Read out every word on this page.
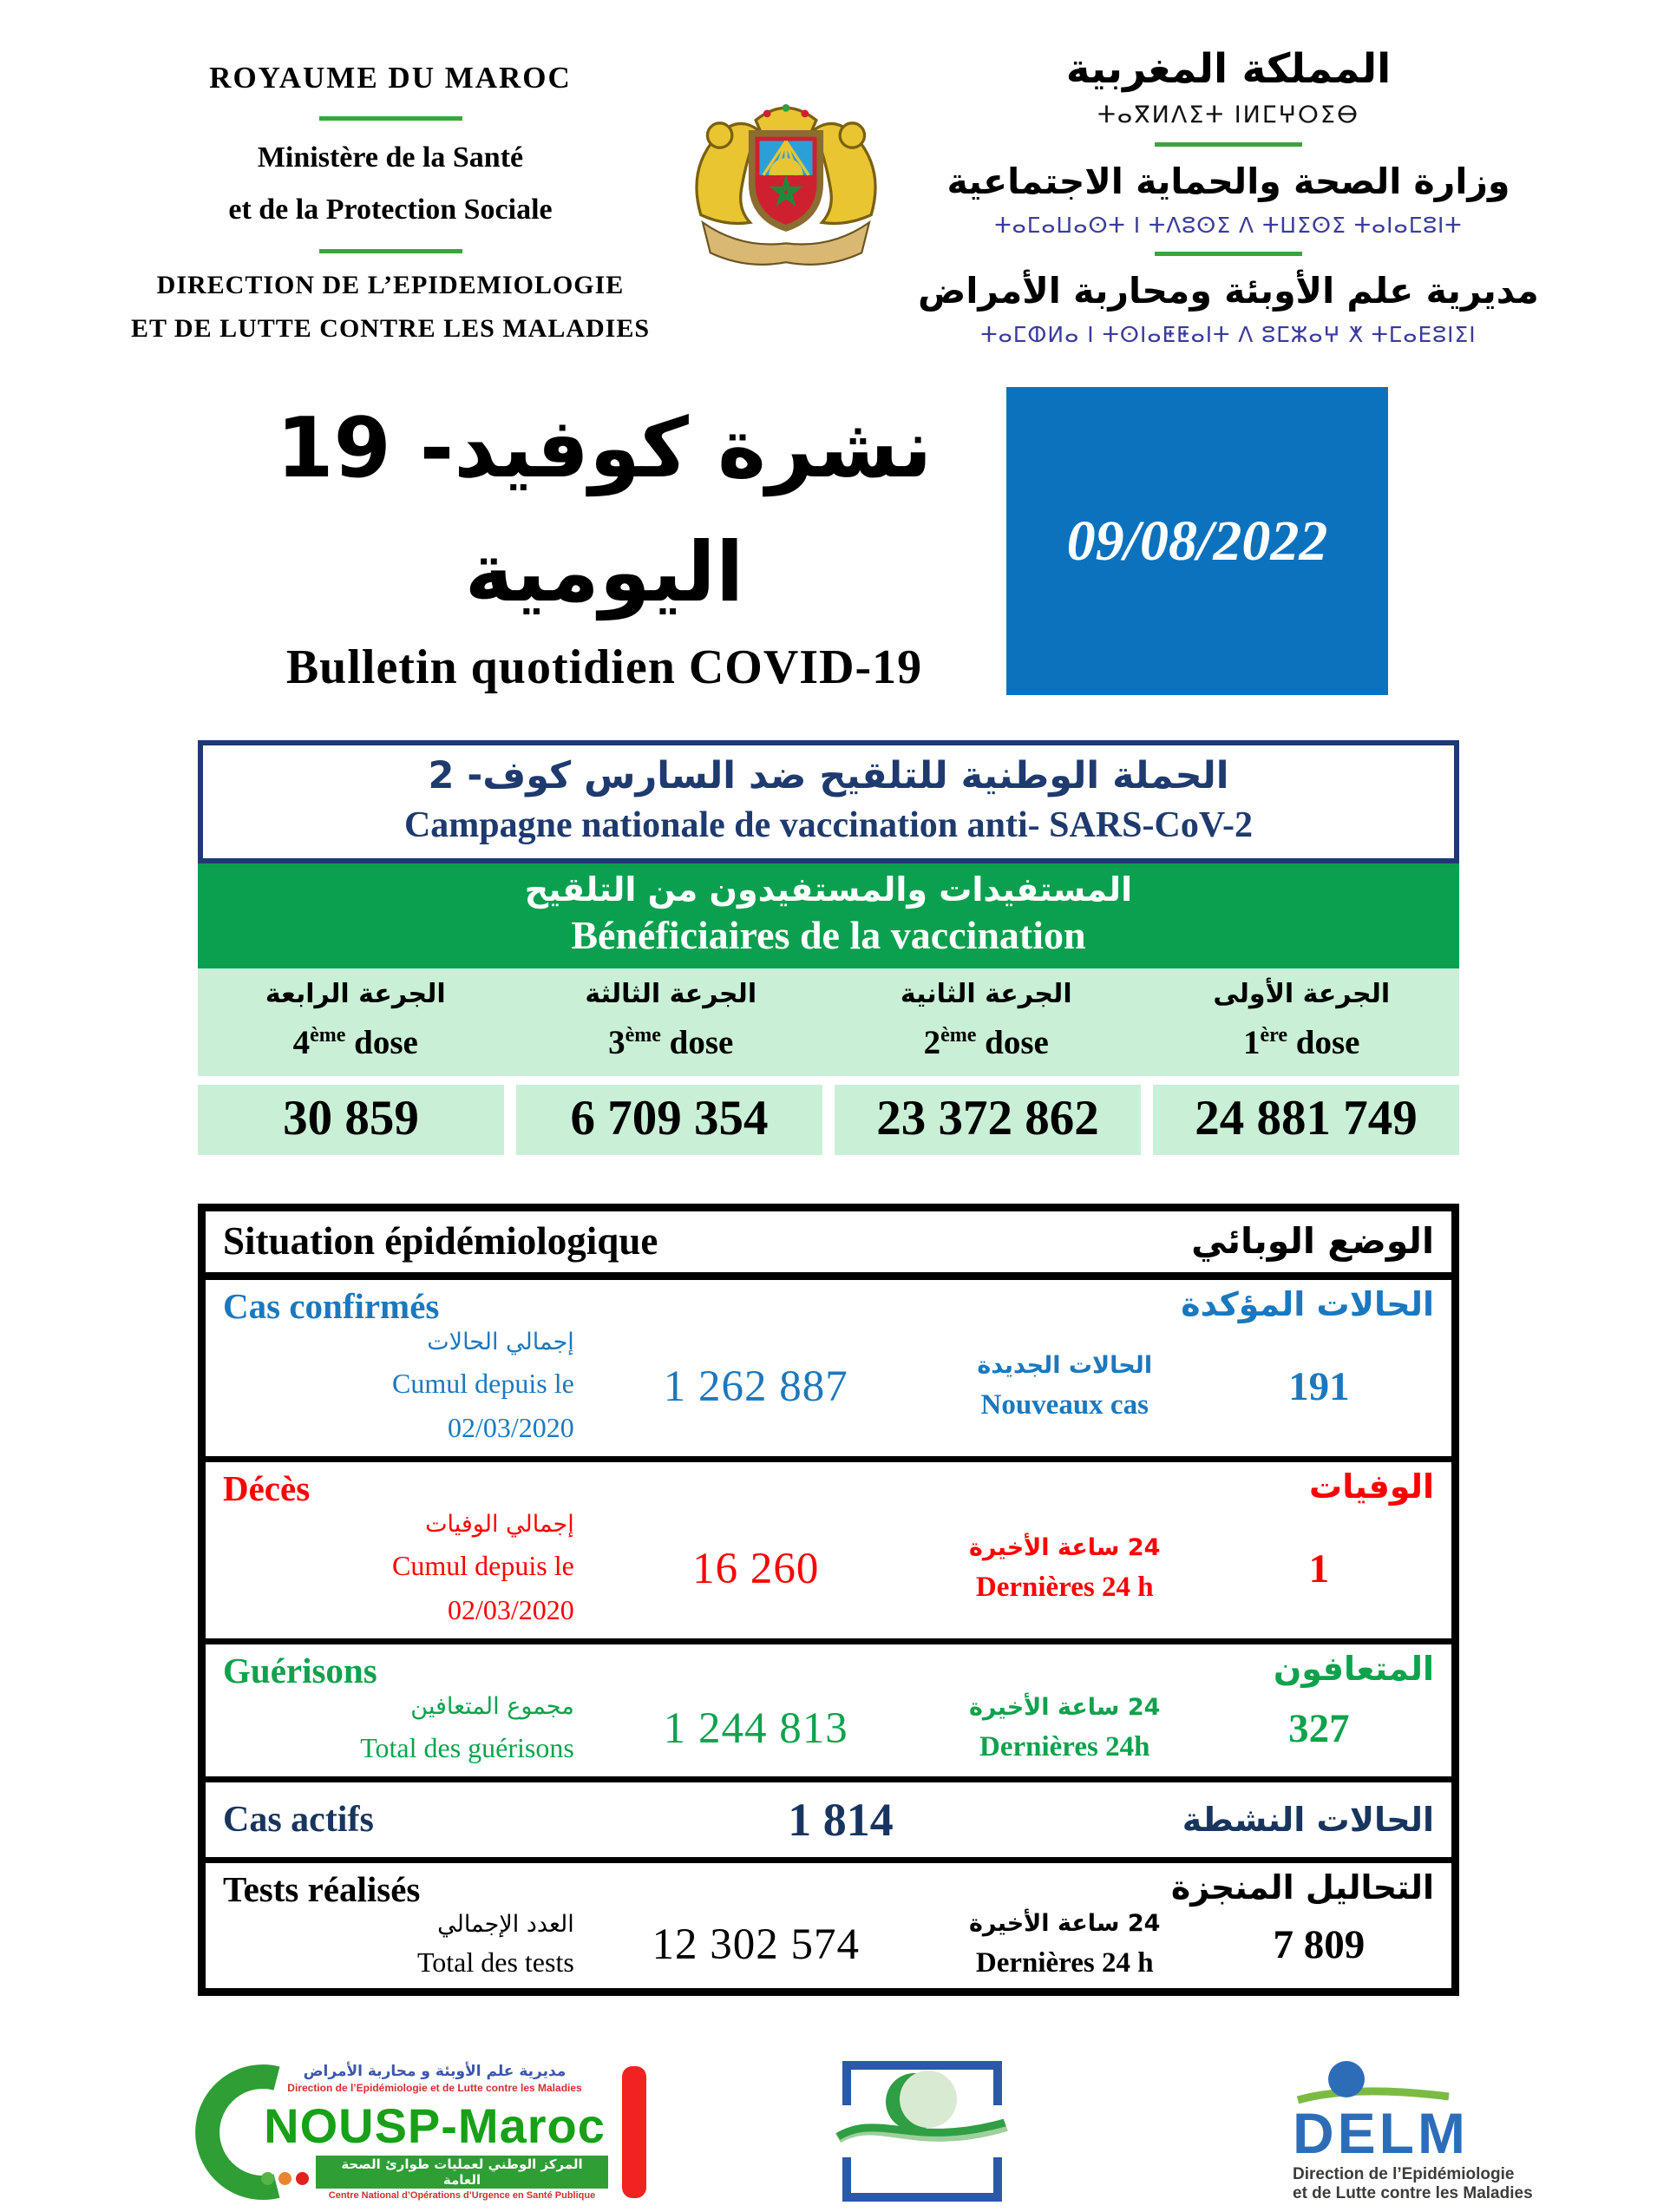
ROYAUME DU MAROC
Ministère de la Santé
et de la Protection Sociale
DIRECTION DE L’EPIDEMIOLOGIE
ET DE LUTTE CONTRE LES MALADIES
المملكة المغربية
ⵜⴰⴳⵍⴷⵉⵜ ⵏⵍⵎⵖⵔⵉⴱ
وزارة الصحة والحماية الاجتماعية
ⵜⴰⵎⴰⵡⴰⵙⵜ ⵏ ⵜⴷⵓⵙⵉ ⴷ ⵜⵡⵉⵙⵉ ⵜⴰⵏⴰⵎⵓⵏⵜ
مديرية علم الأوبئة ومحاربة الأمراض
ⵜⴰⵎⵀⵍⴰ ⵏ ⵜⵙⵏⴰⵟⵟⴰⵏⵜ ⴷ ⵓⵎⵣⴰⵖ ⵅ ⵜⵎⴰⴹⵓⵏⵉⵏ
نشرة كوفيد- 19 اليومية
Bulletin quotidien COVID-19
09/08/2022
الحملة الوطنية للتلقيح ضد السارس كوف- 2
Campagne nationale de vaccination anti- SARS-CoV-2
المستفيدات والمستفيدون من التلقيح
Bénéficiaires de la vaccination
الجرعة الرابعة
4ème dose
الجرعة الثالثة
3ème dose
الجرعة الثانية
2ème dose
الجرعة الأولى
1ère dose
30 859	6 709 354	23 372 862	24 881 749
Situation épidémiologique	الوضع الوبائي
Cas confirmés	الحالات المؤكدة
إجمالي الحالات
Cumul depuis le
02/03/2020
1 262 887	الحالات الجديدة
Nouveaux cas	191
Décès	الوفيات
إجمالي الوفيات
Cumul depuis le
02/03/2020
16 260	24 ساعة الأخيرة
Dernières 24 h	1
Guérisons	المتعافون
مجموع المتعافين
Total des guérisons	1 244 813	24 ساعة الأخيرة
Dernières 24h	327
Cas actifs	1 814	الحالات النشطة
Tests réalisés	التحاليل المنجزة
العدد الإجمالي
Total des tests	12 302 574	24 ساعة الأخيرة
Dernières 24 h	7 809
مديرية علم الأوبئة و محاربة الأمراض
Direction de l’Epidémiologie et de Lutte contre les Maladies
NOUSP-Maroc
المركز الوطني لعمليات طوارئ الصحة العامة
Centre National d’Opérations d’Urgence en Santé Publique
DELM
Direction de l’Epidémiologie
et de Lutte contre les Maladies
